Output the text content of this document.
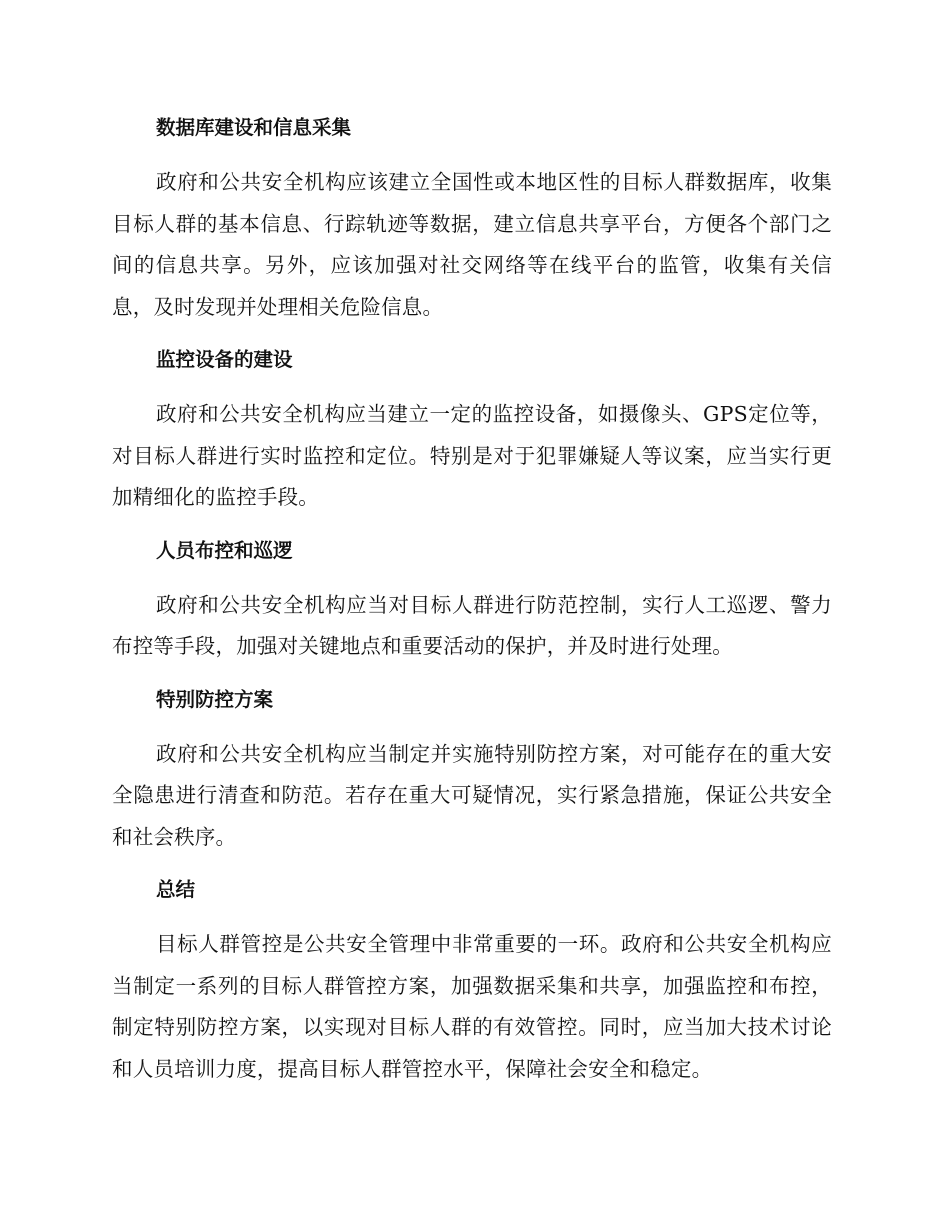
数据库建设和信息采集

政府和公共安全机构应该建立全国性或本地区性的目标人群数据库，收集目标人群的基本信息、行踪轨迹等数据，建立信息共享平台，方便各个部门之间的信息共享。另外，应该加强对社交网络等在线平台的监管，收集有关信息，及时发现并处理相关危险信息。

监控设备的建设

政府和公共安全机构应当建立一定的监控设备，如摄像头、GPS定位等，对目标人群进行实时监控和定位。特别是对于犯罪嫌疑人等议案，应当实行更加精细化的监控手段。

人员布控和巡逻

政府和公共安全机构应当对目标人群进行防范控制，实行人工巡逻、警力布控等手段，加强对关键地点和重要活动的保护，并及时进行处理。

特别防控方案

政府和公共安全机构应当制定并实施特别防控方案，对可能存在的重大安全隐患进行清查和防范。若存在重大可疑情况，实行紧急措施，保证公共安全和社会秩序。

总结

目标人群管控是公共安全管理中非常重要的一环。政府和公共安全机构应当制定一系列的目标人群管控方案，加强数据采集和共享，加强监控和布控，制定特别防控方案，以实现对目标人群的有效管控。同时，应当加大技术讨论和人员培训力度，提高目标人群管控水平，保障社会安全和稳定。
